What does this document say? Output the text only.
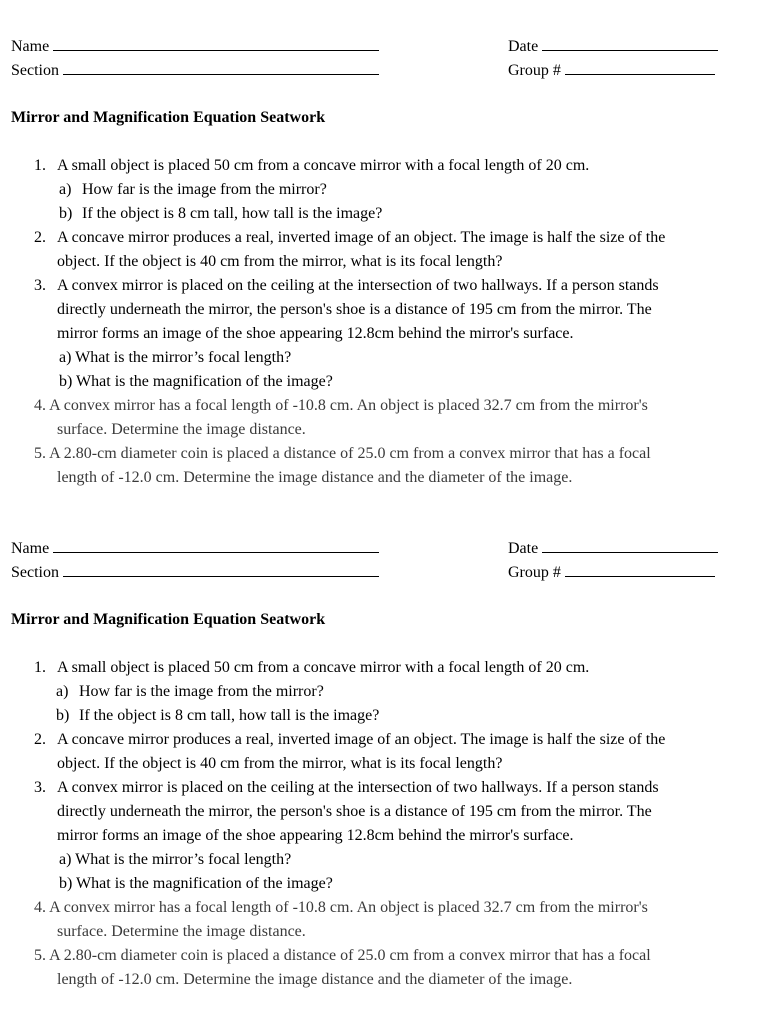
Name
Section
Date
Group #
Mirror and Magnification Equation Seatwork
1. A small object is placed 50 cm from a concave mirror with a focal length of 20 cm.
a) How far is the image from the mirror?
b) If the object is 8 cm tall, how tall is the image?
2. A concave mirror produces a real, inverted image of an object. The image is half the size of the
object. If the object is 40 cm from the mirror, what is its focal length?
3. A convex mirror is placed on the ceiling at the intersection of two hallways. If a person stands
directly underneath the mirror, the person's shoe is a distance of 195 cm from the mirror. The
mirror forms an image of the shoe appearing 12.8cm behind the mirror's surface.
a) What is the mirror’s focal length?
b) What is the magnification of the image?
4. A convex mirror has a focal length of -10.8 cm. An object is placed 32.7 cm from the mirror's
surface. Determine the image distance.
5. A 2.80-cm diameter coin is placed a distance of 25.0 cm from a convex mirror that has a focal
length of -12.0 cm. Determine the image distance and the diameter of the image.
Name
Section
Date
Group #
Mirror and Magnification Equation Seatwork
1. A small object is placed 50 cm from a concave mirror with a focal length of 20 cm.
a) How far is the image from the mirror?
b) If the object is 8 cm tall, how tall is the image?
2. A concave mirror produces a real, inverted image of an object. The image is half the size of the
object. If the object is 40 cm from the mirror, what is its focal length?
3. A convex mirror is placed on the ceiling at the intersection of two hallways. If a person stands
directly underneath the mirror, the person's shoe is a distance of 195 cm from the mirror. The
mirror forms an image of the shoe appearing 12.8cm behind the mirror's surface.
a) What is the mirror’s focal length?
b) What is the magnification of the image?
4. A convex mirror has a focal length of -10.8 cm. An object is placed 32.7 cm from the mirror's
surface. Determine the image distance.
5. A 2.80-cm diameter coin is placed a distance of 25.0 cm from a convex mirror that has a focal
length of -12.0 cm. Determine the image distance and the diameter of the image.
